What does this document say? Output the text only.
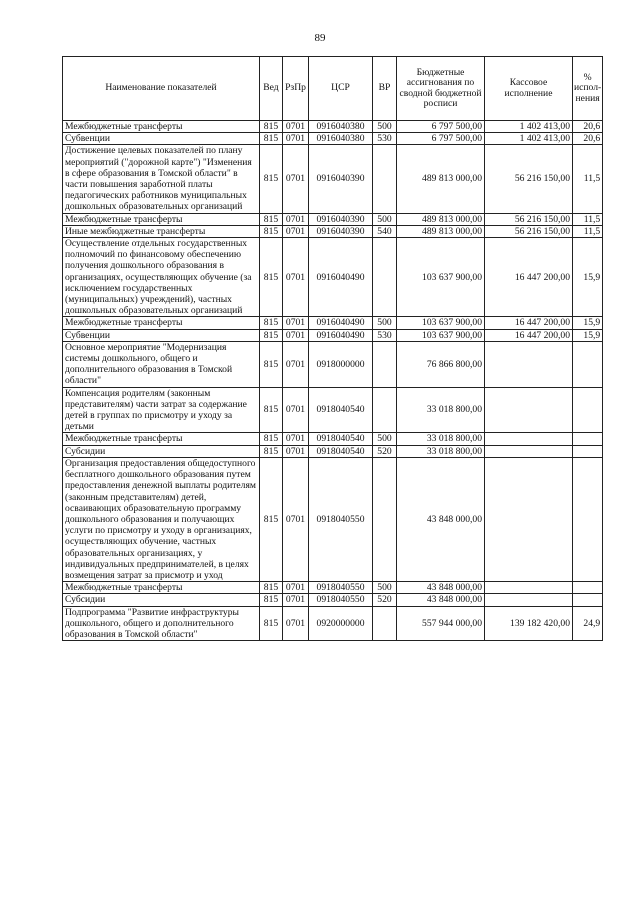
89
Наименование показателей	Вед	РзПр	ЦСР	ВР	Бюджетные ассигнования по сводной бюджетной росписи	Кассовое исполнение	% испол-нения
Межбюджетные трансферты	815	0701	0916040380	500	6 797 500,00	1 402 413,00	20,6
Субвенции	815	0701	0916040380	530	6 797 500,00	1 402 413,00	20,6
Достижение целевых показателей по плану мероприятий ("дорожной карте") "Изменения в сфере образования в Томской области" в части повышения заработной платы педагогических работников муниципальных дошкольных образовательных организаций	815	0701	0916040390		489 813 000,00	56 216 150,00	11,5
Межбюджетные трансферты	815	0701	0916040390	500	489 813 000,00	56 216 150,00	11,5
Иные межбюджетные трансферты	815	0701	0916040390	540	489 813 000,00	56 216 150,00	11,5
Осуществление отдельных государственных полномочий по финансовому обеспечению получения дошкольного образования в организациях, осуществляющих обучение (за исключением государственных (муниципальных) учреждений), частных дошкольных образовательных организаций	815	0701	0916040490		103 637 900,00	16 447 200,00	15,9
Межбюджетные трансферты	815	0701	0916040490	500	103 637 900,00	16 447 200,00	15,9
Субвенции	815	0701	0916040490	530	103 637 900,00	16 447 200,00	15,9
Основное мероприятие "Модернизация системы дошкольного, общего и дополнительного образования в Томской области"	815	0701	0918000000		76 866 800,00		
Компенсация родителям (законным представителям) части затрат за содержание детей в группах по присмотру и уходу за детьми	815	0701	0918040540		33 018 800,00		
Межбюджетные трансферты	815	0701	0918040540	500	33 018 800,00		
Субсидии	815	0701	0918040540	520	33 018 800,00		
Организация предоставления общедоступного бесплатного дошкольного образования путем предоставления денежной выплаты родителям (законным представителям) детей, осваивающих образовательную программу дошкольного образования и получающих услуги по присмотру и уходу в организациях, осуществляющих обучение, частных образовательных организациях, у индивидуальных предпринимателей, в целях возмещения затрат за присмотр и уход	815	0701	0918040550		43 848 000,00		
Межбюджетные трансферты	815	0701	0918040550	500	43 848 000,00		
Субсидии	815	0701	0918040550	520	43 848 000,00		
Подпрограмма "Развитие инфраструктуры дошкольного, общего и дополнительного образования в Томской области"	815	0701	0920000000		557 944 000,00	139 182 420,00	24,9
